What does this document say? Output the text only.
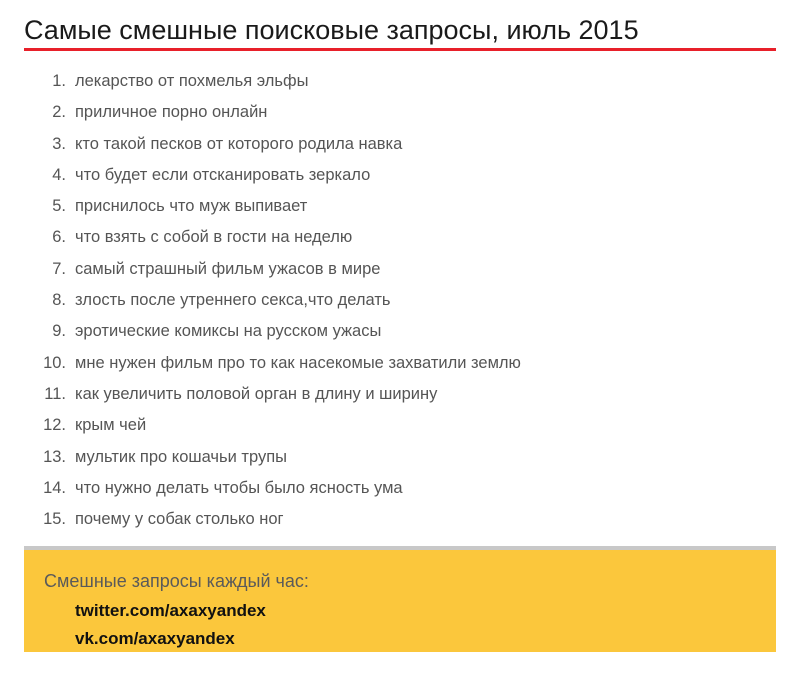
Самые смешные поисковые запросы, июль 2015
1. лекарство от похмелья эльфы
2. приличное порно онлайн
3. кто такой песков от которого родила навка
4. что будет если отсканировать зеркало
5. приснилось что муж выпивает
6. что взять с собой в гости на неделю
7. самый страшный фильм ужасов в мире
8. злость после утреннего секса,что делать
9. эротические комиксы на русском ужасы
10. мне нужен фильм про то как насекомые захватили землю
11. как увеличить половой орган в длину и ширину
12. крым чей
13. мультик про кошачьи трупы
14. что нужно делать чтобы было ясность ума
15. почему у собак столько ног
Смешные запросы каждый час:
twitter.com/axaxyandex
vk.com/axaxyandex
